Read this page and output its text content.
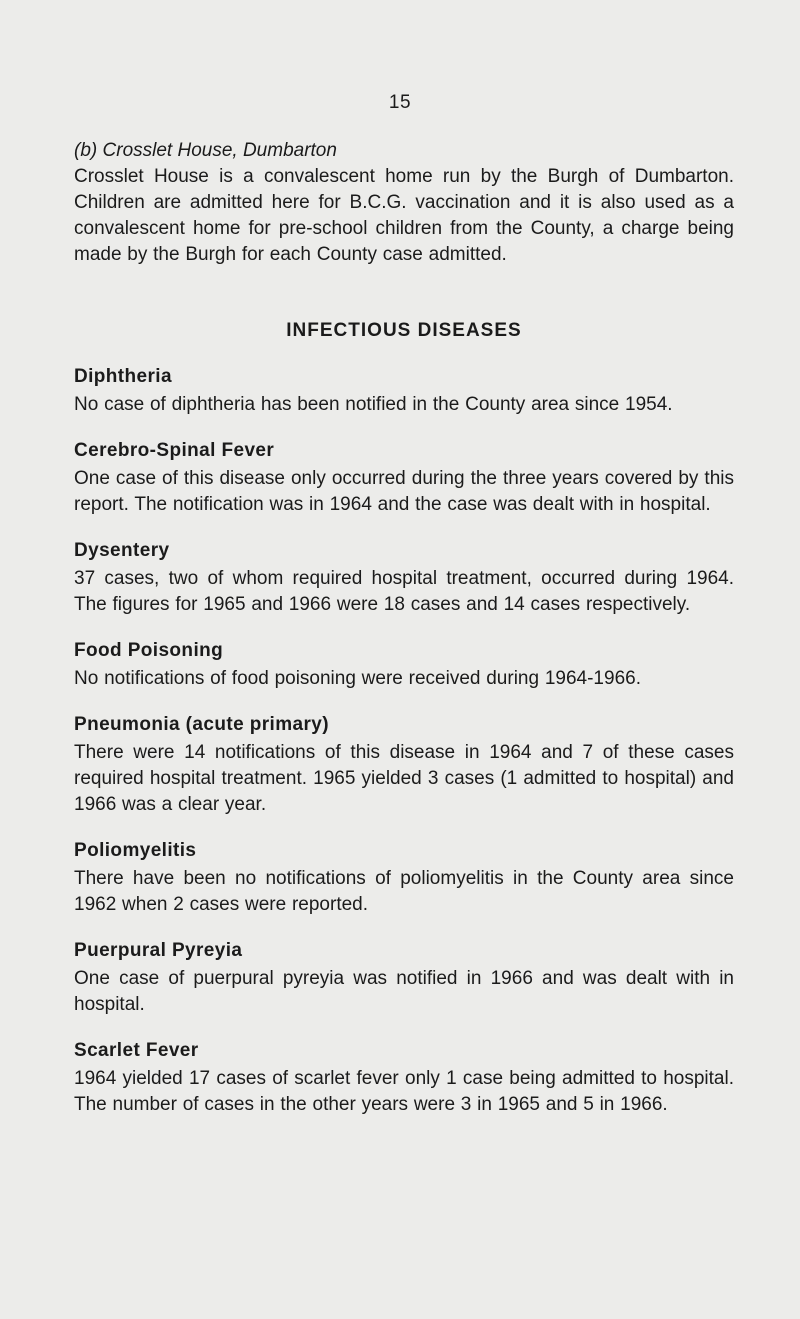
15
(b) Crosslet House, Dumbarton

Crosslet House is a convalescent home run by the Burgh of Dumbarton. Children are admitted here for B.C.G. vaccination and it is also used as a convalescent home for pre-school children from the County, a charge being made by the Burgh for each County case admitted.

INFECTIOUS DISEASES
Diphtheria

No case of diphtheria has been notified in the County area since 1954.

Cerebro-Spinal Fever

One case of this disease only occurred during the three years covered by this report. The notification was in 1964 and the case was dealt with in hospital.

Dysentery

37 cases, two of whom required hospital treatment, occurred during 1964. The figures for 1965 and 1966 were 18 cases and 14 cases respectively.

Food Poisoning

No notifications of food poisoning were received during 1964-1966.

Pneumonia (acute primary)

There were 14 notifications of this disease in 1964 and 7 of these cases required hospital treatment. 1965 yielded 3 cases (1 admitted to hospital) and 1966 was a clear year.

Poliomyelitis

There have been no notifications of poliomyelitis in the County area since 1962 when 2 cases were reported.

Puerpural Pyreyia

One case of puerpural pyreyia was notified in 1966 and was dealt with in hospital.

Scarlet Fever

1964 yielded 17 cases of scarlet fever only 1 case being admitted to hospital. The number of cases in the other years were 3 in 1965 and 5 in 1966.
